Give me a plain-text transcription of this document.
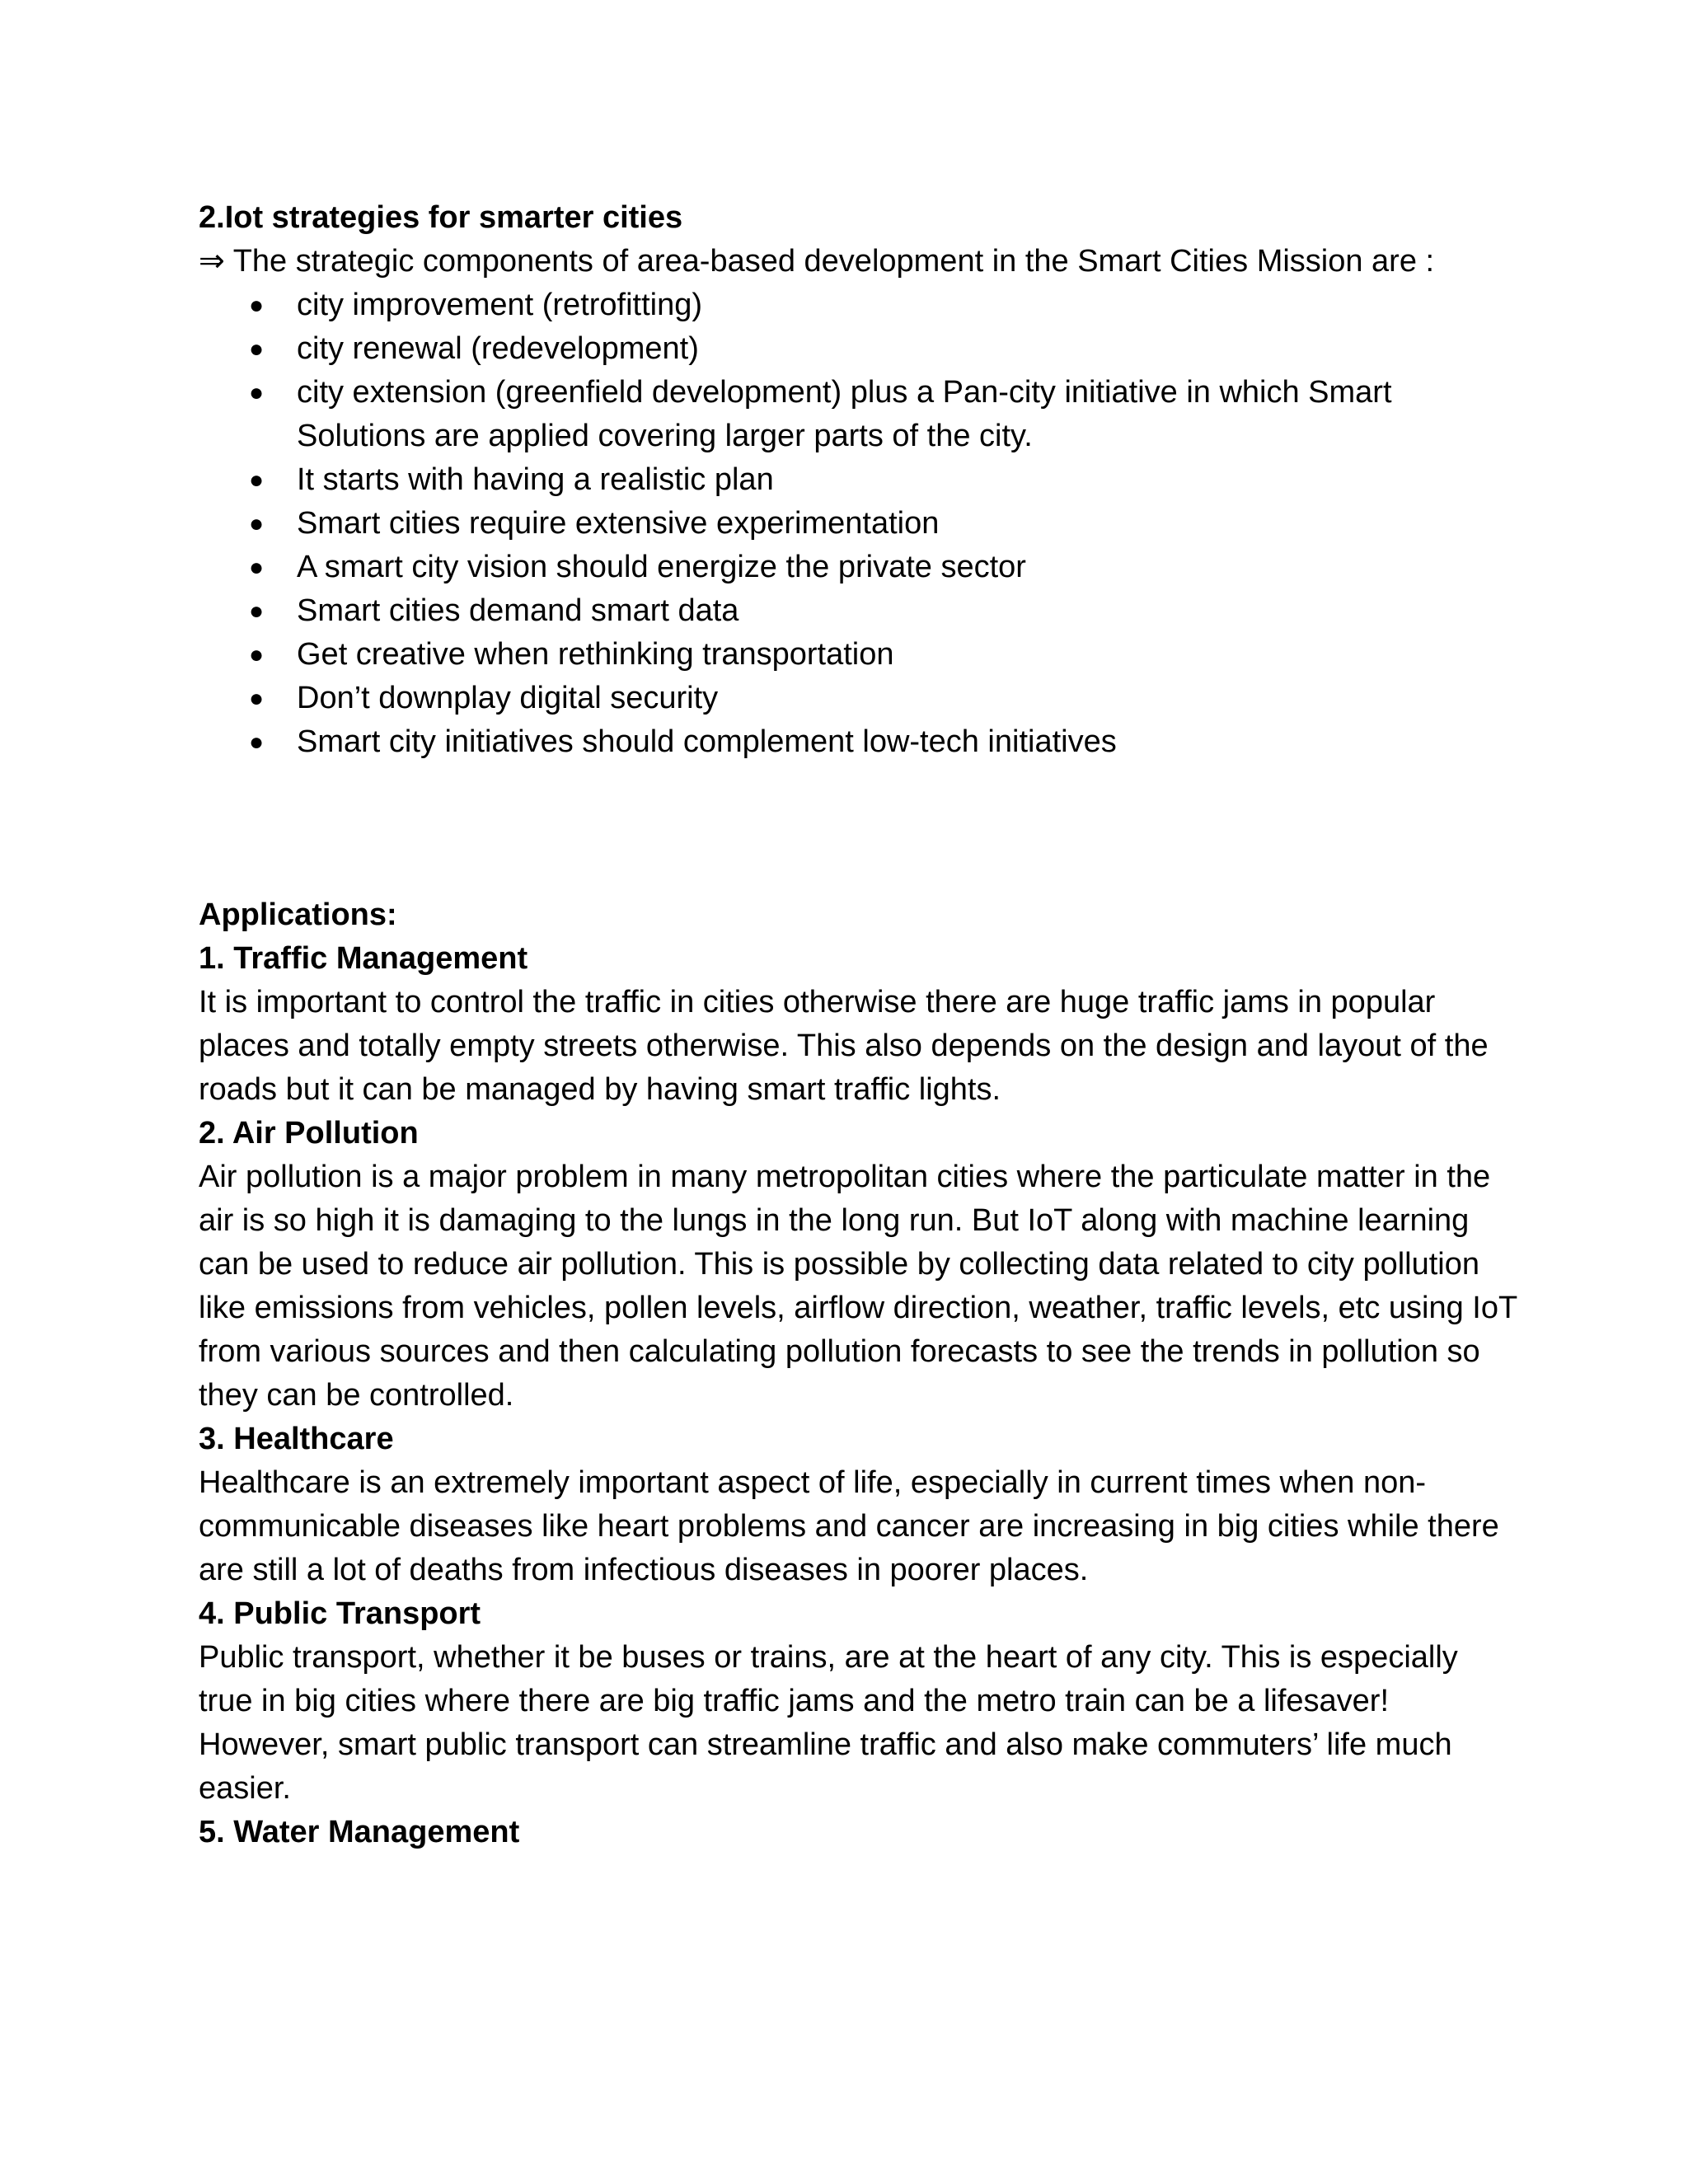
2.Iot strategies for smarter cities

⇒ The strategic components of area-based development in the Smart Cities Mission are :

● city improvement (retrofitting)
● city renewal (redevelopment)
● city extension (greenfield development) plus a Pan-city initiative in which Smart Solutions are applied covering larger parts of the city.
● It starts with having a realistic plan
● Smart cities require extensive experimentation
● A smart city vision should energize the private sector
● Smart cities demand smart data
● Get creative when rethinking transportation
● Don’t downplay digital security
● Smart city initiatives should complement low-tech initiatives

Applications:

1. Traffic Management

It is important to control the traffic in cities otherwise there are huge traffic jams in popular places and totally empty streets otherwise. This also depends on the design and layout of the roads but it can be managed by having smart traffic lights.

2. Air Pollution

Air pollution is a major problem in many metropolitan cities where the particulate matter in the air is so high it is damaging to the lungs in the long run. But IoT along with machine learning can be used to reduce air pollution. This is possible by collecting data related to city pollution like emissions from vehicles, pollen levels, airflow direction, weather, traffic levels, etc using IoT from various sources and then calculating pollution forecasts to see the trends in pollution so they can be controlled.

3. Healthcare

Healthcare is an extremely important aspect of life, especially in current times when non-communicable diseases like heart problems and cancer are increasing in big cities while there are still a lot of deaths from infectious diseases in poorer places.

4. Public Transport

Public transport, whether it be buses or trains, are at the heart of any city. This is especially true in big cities where there are big traffic jams and the metro train can be a lifesaver! However, smart public transport can streamline traffic and also make commuters’ life much easier.

5. Water Management
